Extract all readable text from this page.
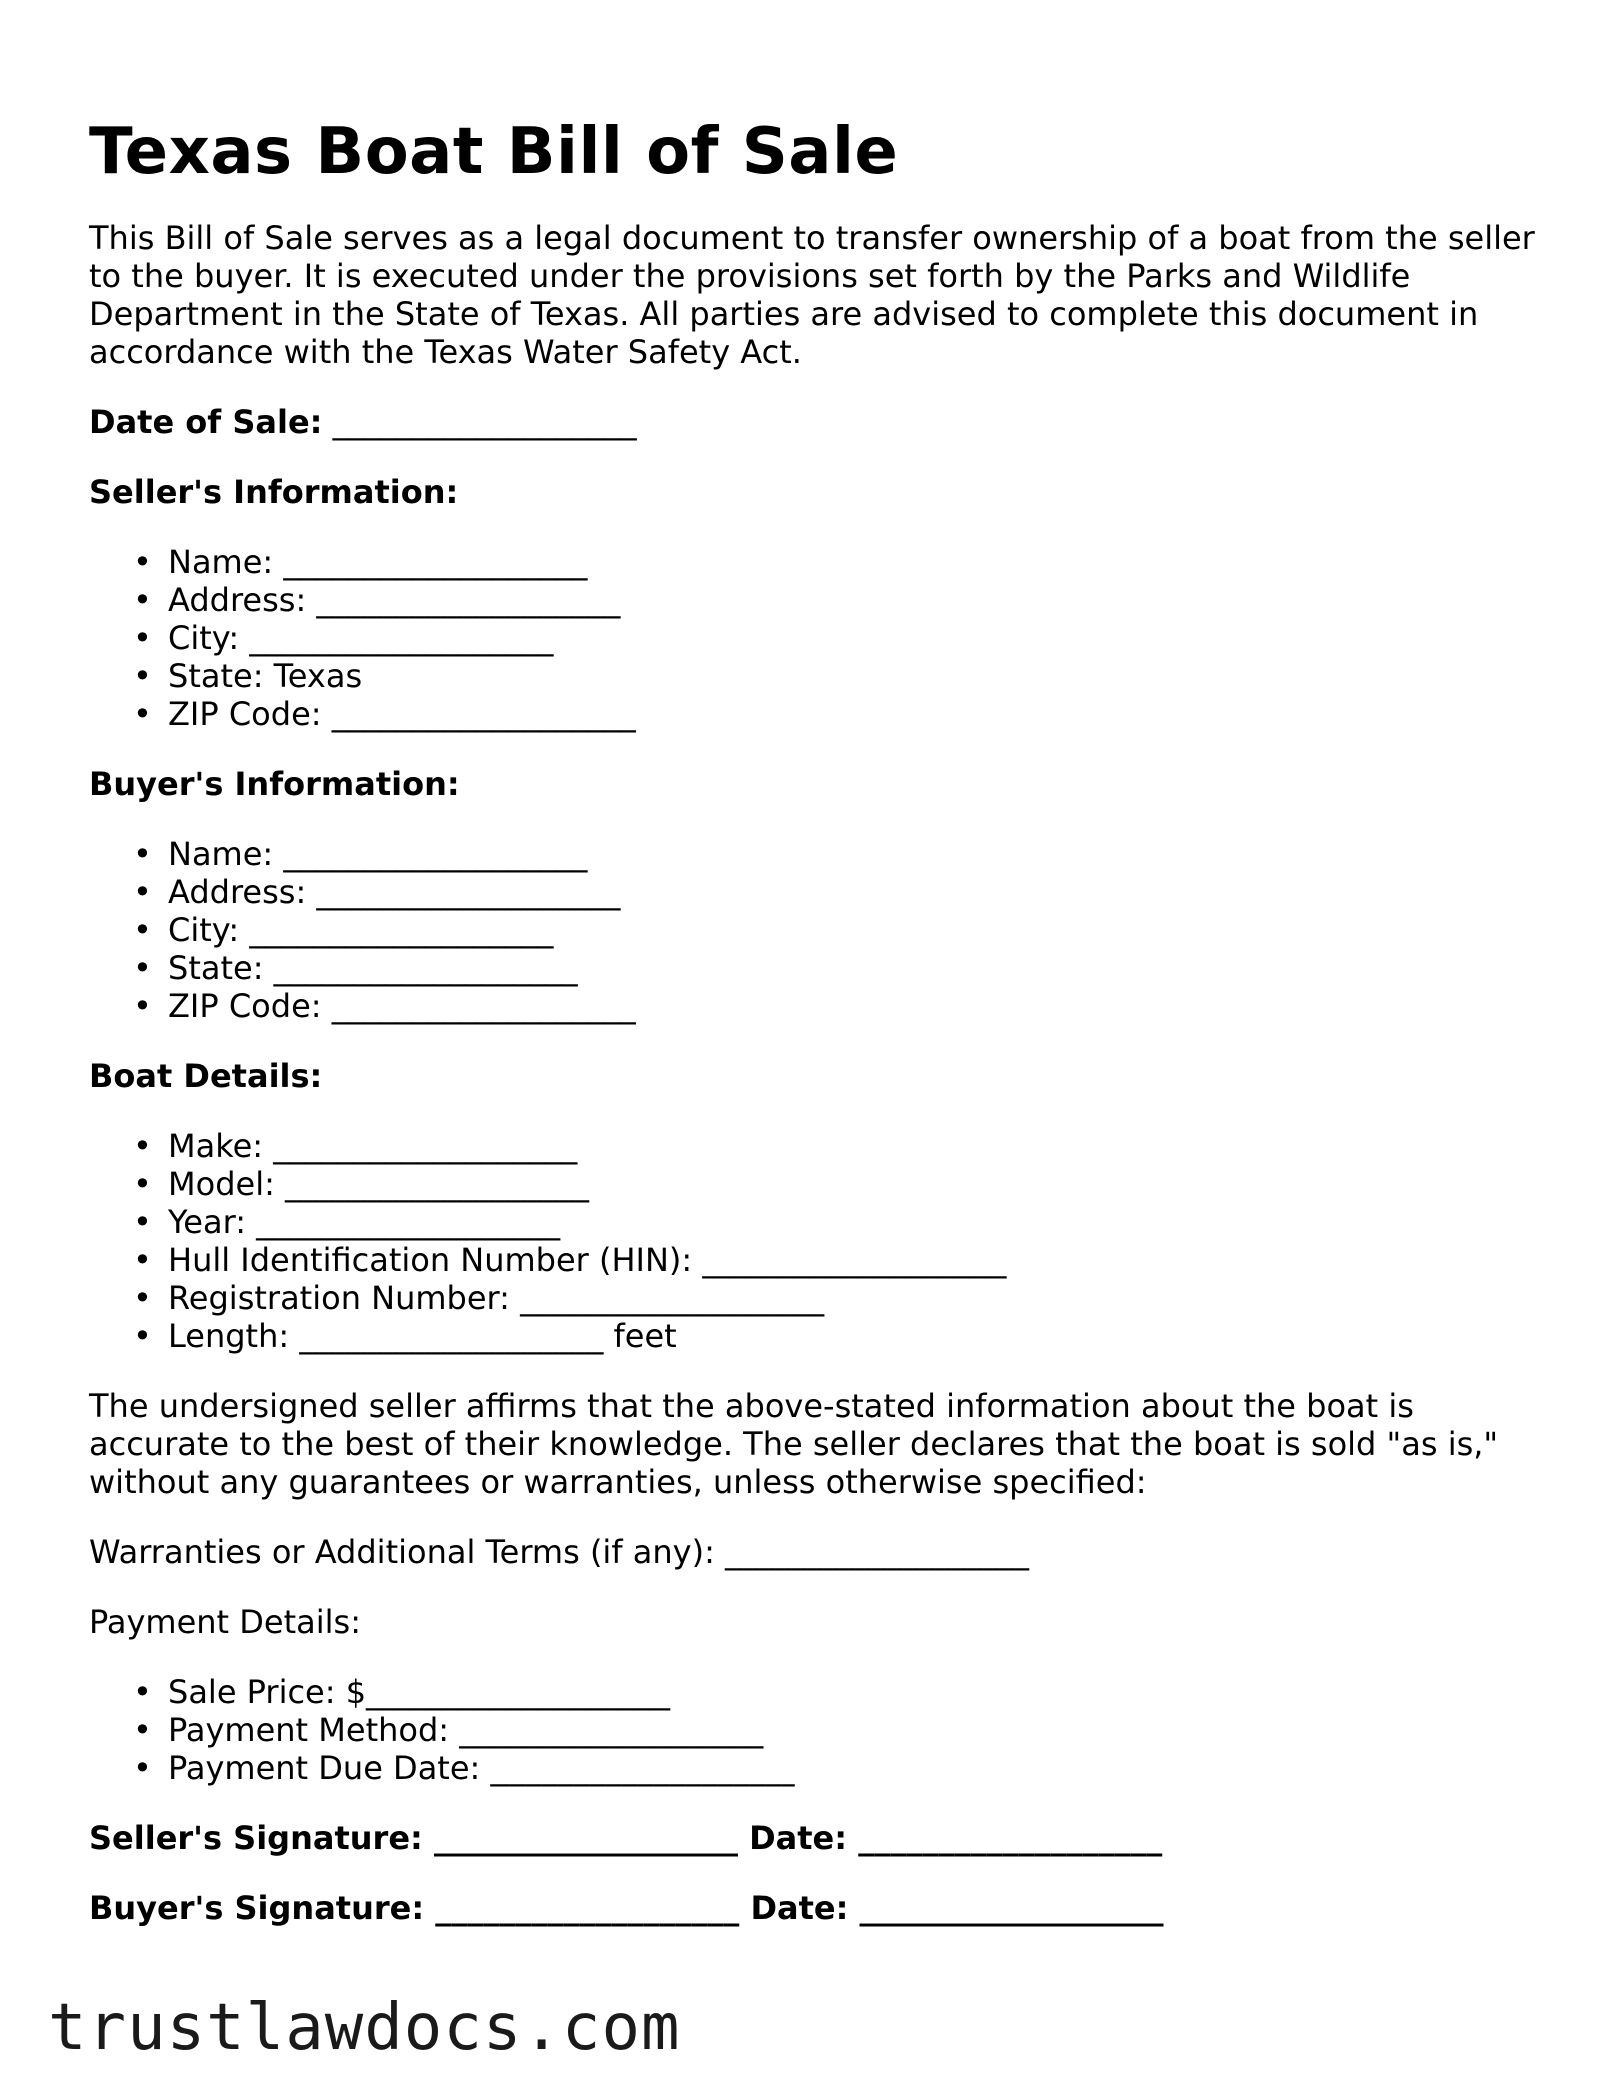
Texas Boat Bill of Sale

This Bill of Sale serves as a legal document to transfer ownership of a boat from the seller to the buyer. It is executed under the provisions set forth by the Parks and Wildlife Department in the State of Texas. All parties are advised to complete this document in accordance with the Texas Water Safety Act.

Date of Sale: ___________________

Seller's Information:

• Name: ___________________
• Address: ___________________
• City: ___________________
• State: Texas
• ZIP Code: ___________________

Buyer's Information:

• Name: ___________________
• Address: ___________________
• City: ___________________
• State: ___________________
• ZIP Code: ___________________

Boat Details:

• Make: ___________________
• Model: ___________________
• Year: ___________________
• Hull Identification Number (HIN): ___________________
• Registration Number: ___________________
• Length: ___________________ feet

The undersigned seller affirms that the above-stated information about the boat is accurate to the best of their knowledge. The seller declares that the boat is sold "as is," without any guarantees or warranties, unless otherwise specified:

Warranties or Additional Terms (if any): ___________________

Payment Details:

• Sale Price: $___________________
• Payment Method: ___________________
• Payment Due Date: ___________________

Seller's Signature: ___________________ Date: ___________________

Buyer's Signature: ___________________ Date: ___________________

trustlawdocs.com
